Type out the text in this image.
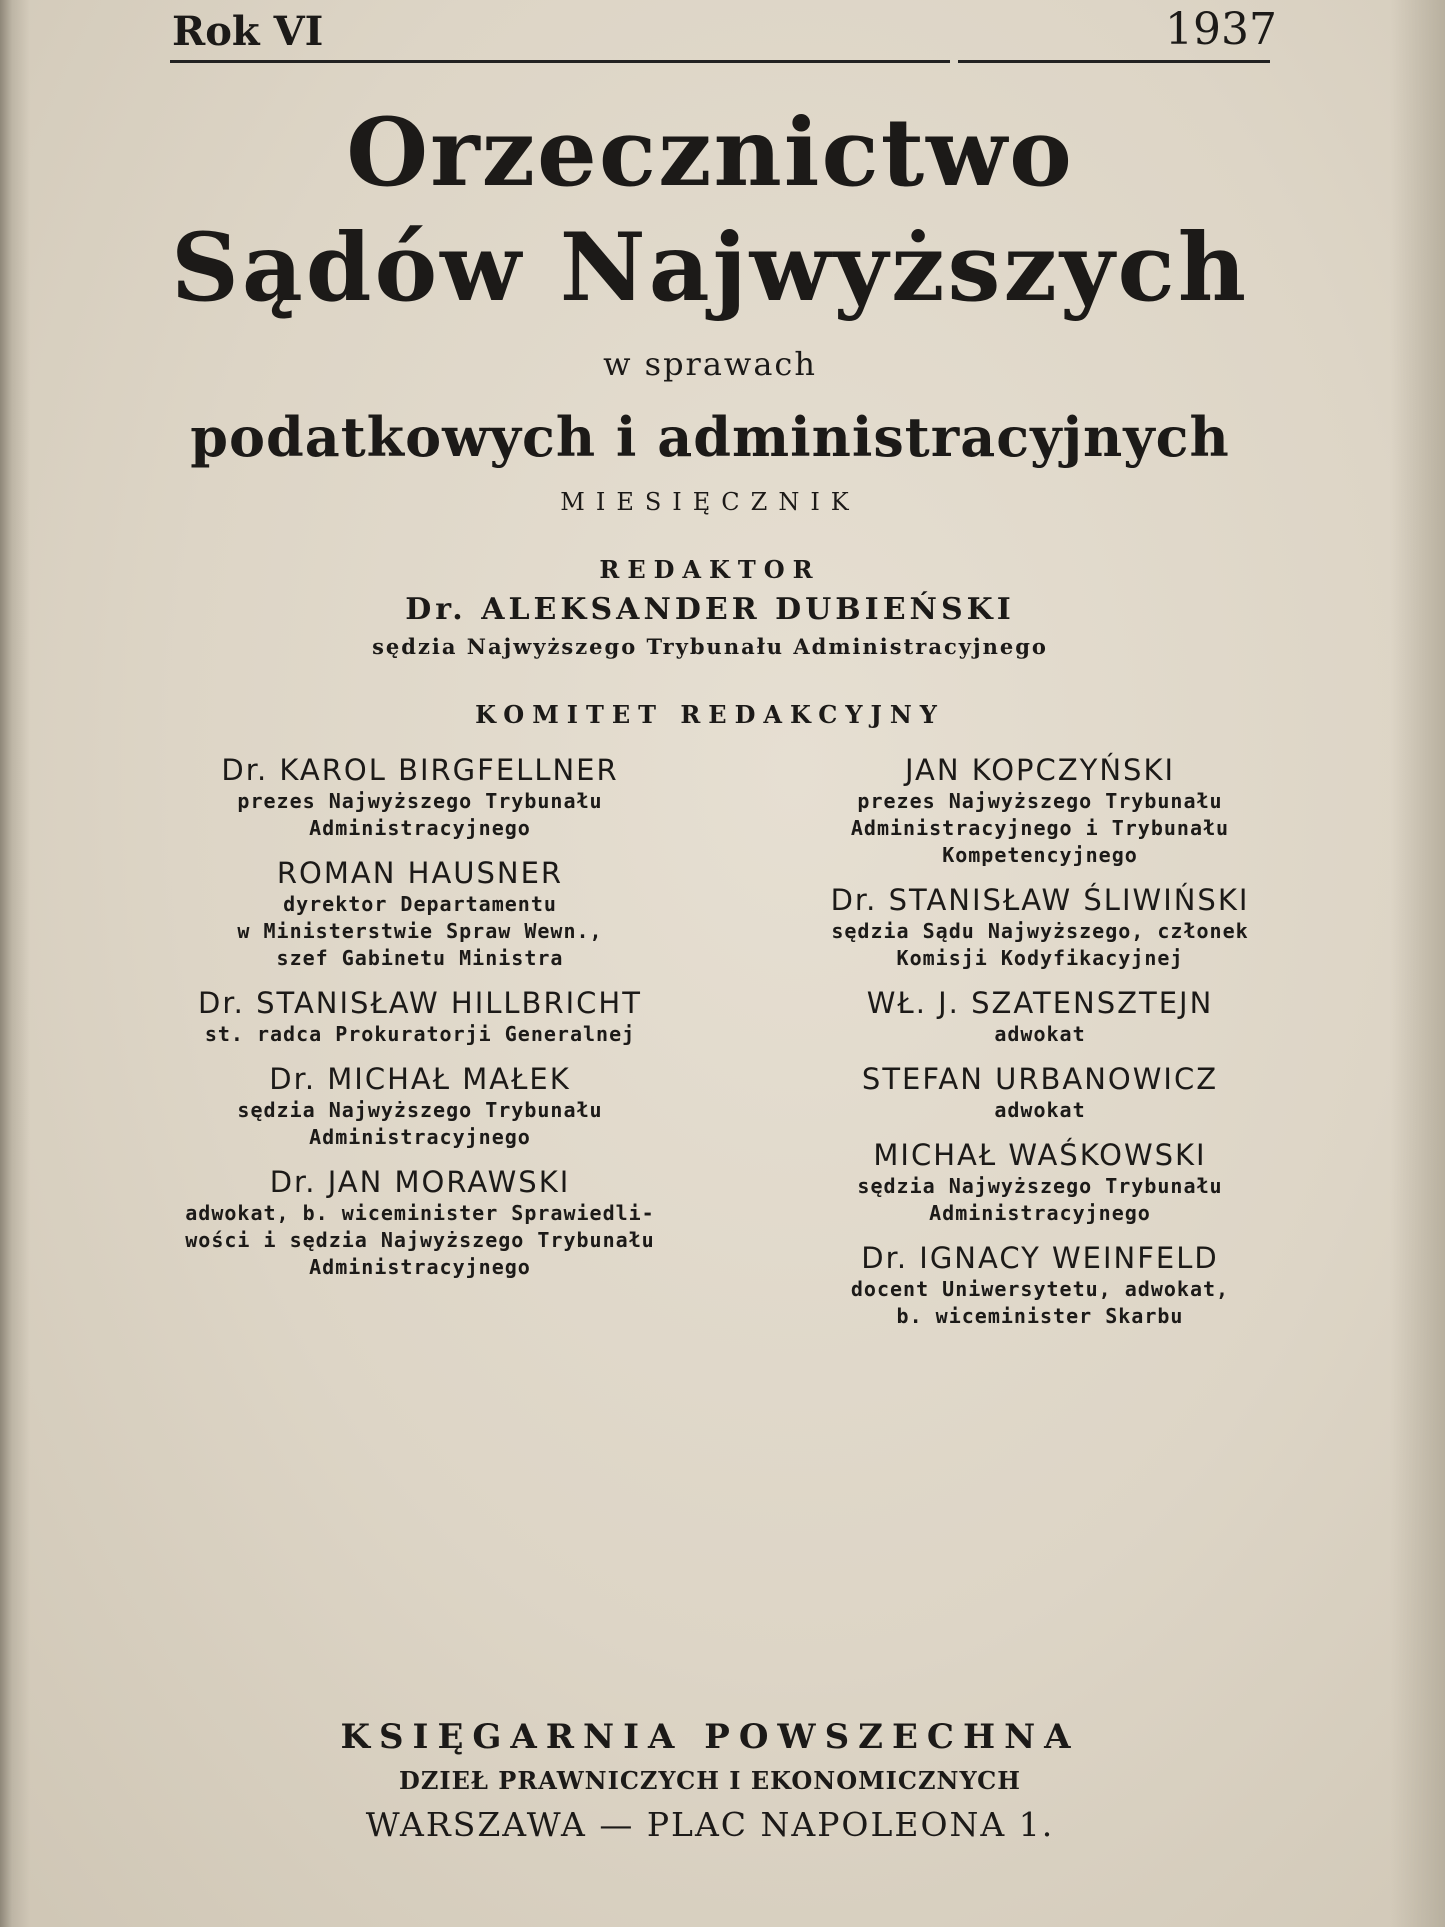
Rok VI	1937
Orzecznictwo
Sądów Najwyższych
w sprawach
podatkowych i administracyjnych
MIESIĘCZNIK
REDAKTOR
Dr. ALEKSANDER DUBIEŃSKI
sędzia Najwyższego Trybunału Administracyjnego
KOMITET REDAKCYJNY
Dr. KAROL BIRGFELLNER
prezes Najwyższego Trybunału
Administracyjnego
ROMAN HAUSNER
dyrektor Departamentu
w Ministerstwie Spraw Wewn.,
szef Gabinetu Ministra
Dr. STANISŁAW HILLBRICHT
st. radca Prokuratorji Generalnej
Dr. MICHAŁ MAŁEK
sędzia Najwyższego Trybunału
Administracyjnego
Dr. JAN MORAWSKI
adwokat, b. wiceminister Sprawiedli-
wości i sędzia Najwyższego Trybunału
Administracyjnego
JAN KOPCZYŃSKI
prezes Najwyższego Trybunału
Administracyjnego i Trybunału
Kompetencyjnego
Dr. STANISŁAW ŚLIWIŃSKI
sędzia Sądu Najwyższego, członek
Komisji Kodyfikacyjnej
WŁ. J. SZATENSZTEJN
adwokat
STEFAN URBANOWICZ
adwokat
MICHAŁ WAŚKOWSKI
sędzia Najwyższego Trybunału
Administracyjnego
Dr. IGNACY WEINFELD
docent Uniwersytetu, adwokat,
b. wiceminister Skarbu
KSIĘGARNIA POWSZECHNA
DZIEŁ PRAWNICZYCH I EKONOMICZNYCH
WARSZAWA — PLAC NAPOLEONA 1.
